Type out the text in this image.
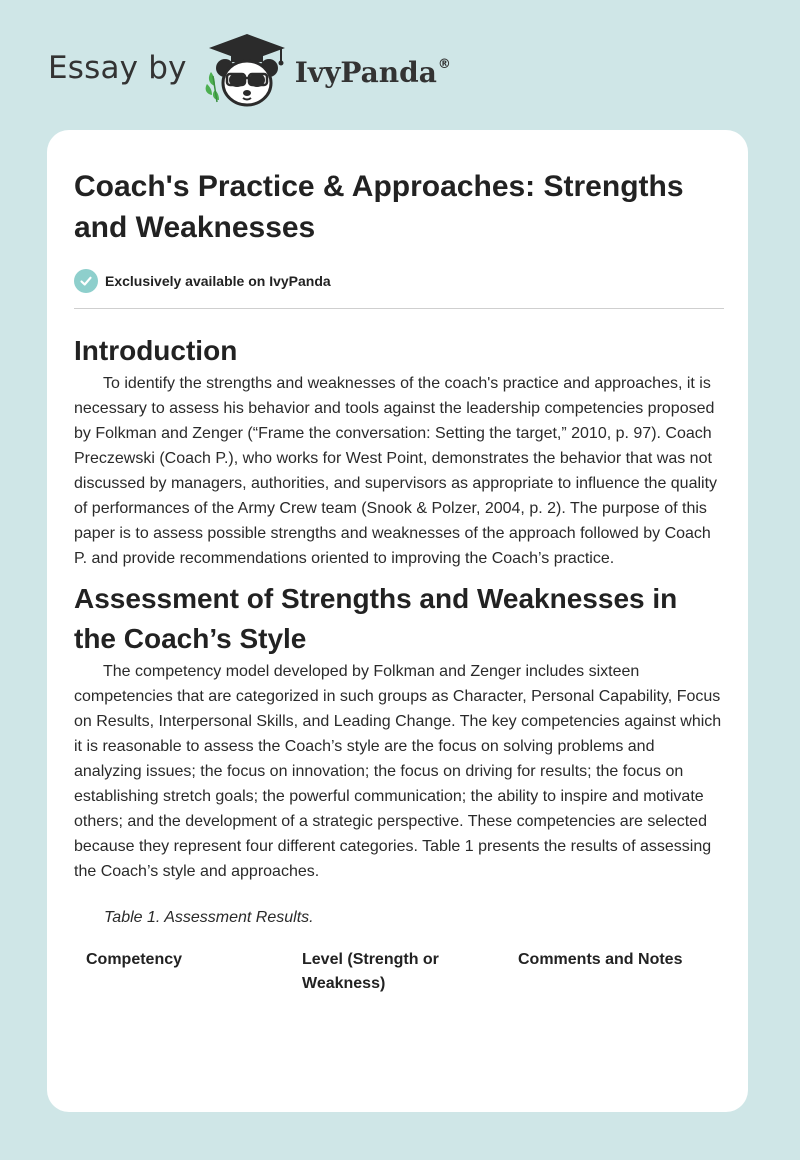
Essay by	IvyPanda®
Coach's Practice & Approaches: Strengths and Weaknesses
Exclusively available on IvyPanda
Introduction

To identify the strengths and weaknesses of the coach's practice and approaches, it is necessary to assess his behavior and tools against the leadership competencies proposed by Folkman and Zenger (“Frame the conversation: Setting the target,” 2010, p. 97). Coach Preczewski (Coach P.), who works for West Point, demonstrates the behavior that was not discussed by managers, authorities, and supervisors as appropriate to influence the quality of performances of the Army Crew team (Snook & Polzer, 2004, p. 2). The purpose of this paper is to assess possible strengths and weaknesses of the approach followed by Coach P. and provide recommendations oriented to improving the Coach’s practice.

Assessment of Strengths and Weaknesses in the Coach’s Style

The competency model developed by Folkman and Zenger includes sixteen competencies that are categorized in such groups as Character, Personal Capability, Focus on Results, Interpersonal Skills, and Leading Change. The key competencies against which it is reasonable to assess the Coach’s style are the focus on solving problems and analyzing issues; the focus on innovation; the focus on driving for results; the focus on establishing stretch goals; the powerful communication; the ability to inspire and motivate others; and the development of a strategic perspective. These competencies are selected because they represent four different categories. Table 1 presents the results of assessing the Coach’s style and approaches.

Table 1. Assessment Results.
Competency	Level (Strength or Weakness)
Comments and Notes
